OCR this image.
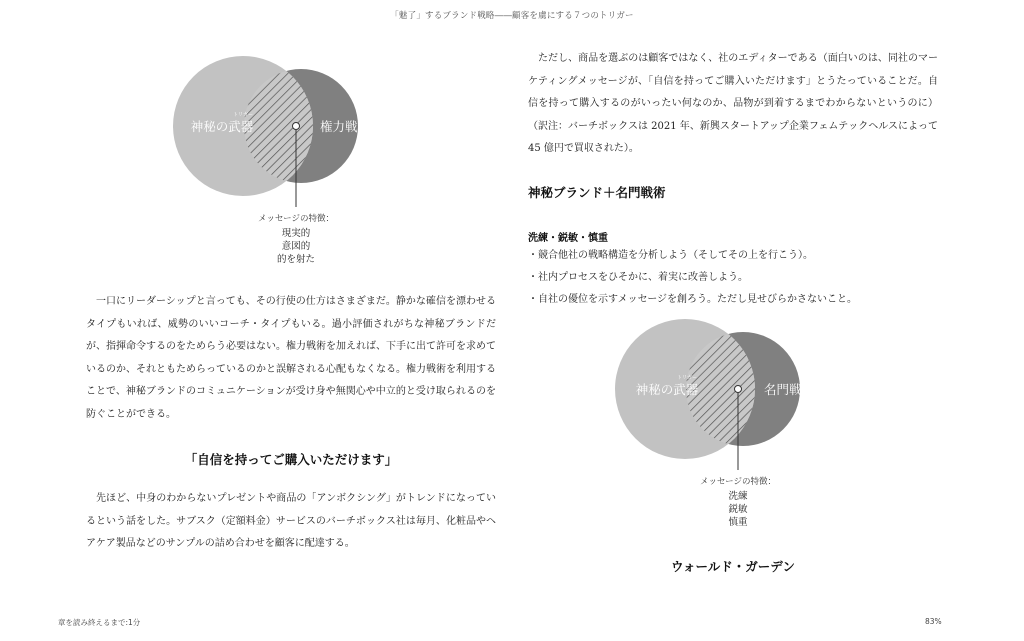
「魅了」するブランド戦略――顧客を虜にする７つのトリガー
神秘の武器
トリガー
権力戦術
メッセージの特徴：
現実的
意図的
的を射た
一口にリーダーシップと言っても、その行使の仕方はさまざまだ。静かな確信を漂わせるタイプもいれば、威勢のいいコーチ・タイプもいる。過小評価されがちな神秘ブランドだが、指揮命令するのをためらう必要はない。権力戦術を加えれば、下手に出て許可を求めているのか、それともためらっているのかと誤解される心配もなくなる。権力戦術を利用することで、神秘ブランドのコミュニケーションが受け身や無関心や中立的と受け取られるのを防ぐことができる。
「自信を持ってご購入いただけます」
先ほど、中身のわからないプレゼントや商品の「アンボクシング」がトレンドになっているという話をした。サブスク（定額料金）サービスのバーチボックス社は毎月、化粧品やヘアケア製品などのサンプルの詰め合わせを顧客に配達する。
ただし、商品を選ぶのは顧客ではなく、社のエディターである（面白いのは、同社のマーケティングメッセージが、「自信を持ってご購入いただけます」とうたっていることだ。自信を持って購入するのがいったい何なのか、品物が到着するまでわからないというのに）（訳注：バーチボックスは 2021 年、新興スタートアップ企業フェムテックヘルスによって 45 億円で買収された）。
神秘ブランド＋名門戦術
洗練・鋭敏・慎重
・競合他社の戦略構造を分析しよう（そしてその上を行こう）。
・社内プロセスをひそかに、着実に改善しよう。
・自社の優位を示すメッセージを創ろう。ただし見せびらかさないこと。
神秘の武器
トリガー
名門戦術
メッセージの特徴：
洗練
鋭敏
慎重
ウォールド・ガーデン
章を読み終えるまで:1分	83%
